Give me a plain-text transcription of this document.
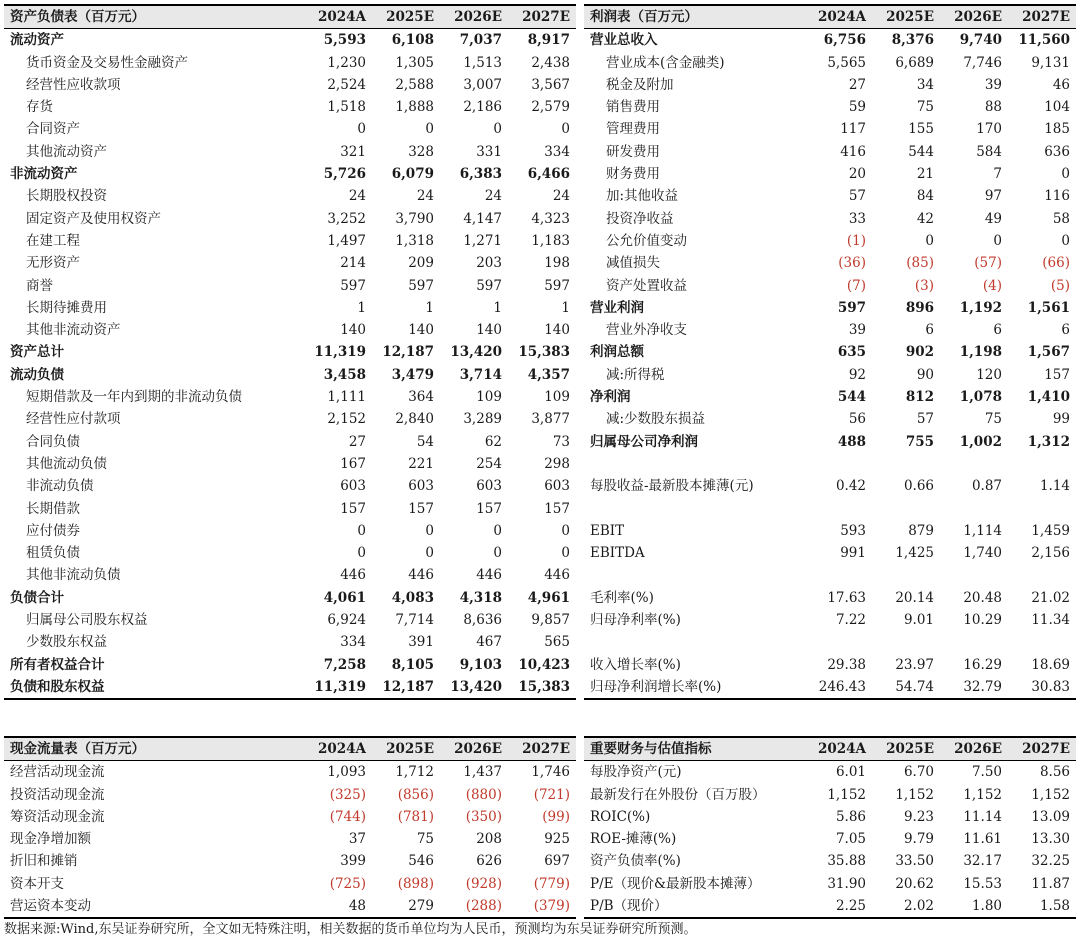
资产负债表（百万元）	2024A	2025E	2026E	2027E
流动资产	5,593	6,108	7,037	8,917
货币资金及交易性金融资产	1,230	1,305	1,513	2,438
经营性应收款项	2,524	2,588	3,007	3,567
存货	1,518	1,888	2,186	2,579
合同资产	0	0	0	0
其他流动资产	321	328	331	334
非流动资产	5,726	6,079	6,383	6,466
长期股权投资	24	24	24	24
固定资产及使用权资产	3,252	3,790	4,147	4,323
在建工程	1,497	1,318	1,271	1,183
无形资产	214	209	203	198
商誉	597	597	597	597
长期待摊费用	1	1	1	1
其他非流动资产	140	140	140	140
资产总计	11,319	12,187	13,420	15,383
流动负债	3,458	3,479	3,714	4,357
短期借款及一年内到期的非流动负债	1,111	364	109	109
经营性应付款项	2,152	2,840	3,289	3,877
合同负债	27	54	62	73
其他流动负债	167	221	254	298
非流动负债	603	603	603	603
长期借款	157	157	157	157
应付债券	0	0	0	0
租赁负债	0	0	0	0
其他非流动负债	446	446	446	446
负债合计	4,061	4,083	4,318	4,961
归属母公司股东权益	6,924	7,714	8,636	9,857
少数股东权益	334	391	467	565
所有者权益合计	7,258	8,105	9,103	10,423
负债和股东权益	11,319	12,187	13,420	15,383
利润表（百万元）	2024A	2025E	2026E	2027E
营业总收入	6,756	8,376	9,740	11,560
营业成本(含金融类)	5,565	6,689	7,746	9,131
税金及附加	27	34	39	46
销售费用	59	75	88	104
管理费用	117	155	170	185
研发费用	416	544	584	636
财务费用	20	21	7	0
加:其他收益	57	84	97	116
投资净收益	33	42	49	58
公允价值变动	(1)	0	0	0
减值损失	(36)	(85)	(57)	(66)
资产处置收益	(7)	(3)	(4)	(5)
营业利润	597	896	1,192	1,561
营业外净收支	39	6	6	6
利润总额	635	902	1,198	1,567
减:所得税	92	90	120	157
净利润	544	812	1,078	1,410
减:少数股东损益	56	57	75	99
归属母公司净利润	488	755	1,002	1,312

每股收益-最新股本摊薄(元)	0.42	0.66	0.87	1.14

EBIT	593	879	1,114	1,459
EBITDA	991	1,425	1,740	2,156

毛利率(%)	17.63	20.14	20.48	21.02
归母净利率(%)	7.22	9.01	10.29	11.34

收入增长率(%)	29.38	23.97	16.29	18.69
归母净利润增长率(%)	246.43	54.74	32.79	30.83
现金流量表（百万元）	2024A	2025E	2026E	2027E
经营活动现金流	1,093	1,712	1,437	1,746
投资活动现金流	(325)	(856)	(880)	(721)
筹资活动现金流	(744)	(781)	(350)	(99)
现金净增加额	37	75	208	925
折旧和摊销	399	546	626	697
资本开支	(725)	(898)	(928)	(779)
营运资本变动	48	279	(288)	(379)
重要财务与估值指标	2024A	2025E	2026E	2027E
每股净资产(元)	6.01	6.70	7.50	8.56
最新发行在外股份（百万股）	1,152	1,152	1,152	1,152
ROIC(%)	5.86	9.23	11.14	13.09
ROE-摊薄(%)	7.05	9.79	11.61	13.30
资产负债率(%)	35.88	33.50	32.17	32.25
P/E（现价&最新股本摊薄）	31.90	20.62	15.53	11.87
P/B（现价）	2.25	2.02	1.80	1.58
数据来源:Wind,东吴证券研究所，全文如无特殊注明，相关数据的货币单位均为人民币，预测均为东吴证券研究所预测。
